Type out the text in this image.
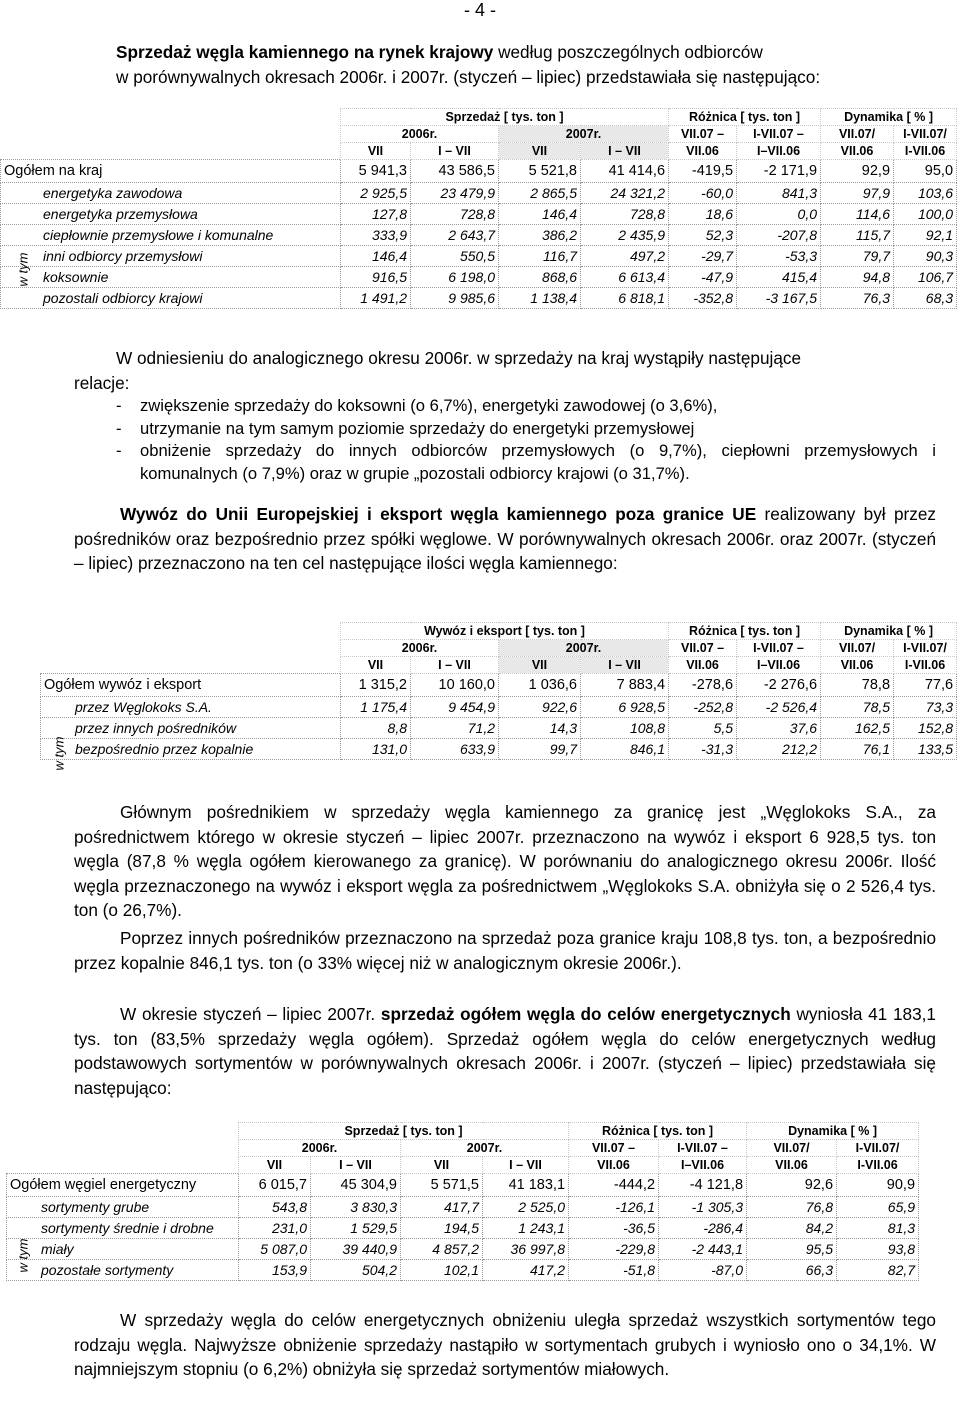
- 4 -
Sprzedaż węgla kamiennego na rynek krajowy według poszczególnych odbiorców
w porównywalnych okresach 2006r. i 2007r. (styczeń – lipiec) przedstawiała się następująco:
	Sprzedaż [ tys. ton ]				Różnica [ tys. ton ]		Dynamika [ % ]	
	2006r.		2007r.		VII.07 –	I-VII.07 –	VII.07/	I-VII.07/
	VII	I – VII	VII	I – VII	VII.06	I–VII.06	VII.06	I-VII.06
Ogółem na kraj	5 941,3	43 586,5	5 521,8	41 414,6	-419,5	-2 171,9	92,9	95,0
energetyka zawodowa	2 925,5	23 479,9	2 865,5	24 321,2	-60,0	841,3	97,9	103,6
energetyka przemysłowa	127,8	728,8	146,4	728,8	18,6	0,0	114,6	100,0
ciepłownie przemysłowe i komunalne	333,9	2 643,7	386,2	2 435,9	52,3	-207,8	115,7	92,1
inni odbiorcy przemysłowi	146,4	550,5	116,7	497,2	-29,7	-53,3	79,7	90,3
koksownie	916,5	6 198,0	868,6	6 613,4	-47,9	415,4	94,8	106,7
pozostali odbiorcy krajowi	1 491,2	9 985,6	1 138,4	6 818,1	-352,8	-3 167,5	76,3	68,3
w tym
W odniesieniu do analogicznego okresu 2006r. w sprzedaży na kraj wystąpiły następujące
relacje:
-	zwiększenie sprzedaży do koksowni (o 6,7%), energetyki zawodowej (o 3,6%),
-	utrzymanie na tym samym poziomie sprzedaży do energetyki przemysłowej
-	obniżenie sprzedaży do innych odbiorców przemysłowych (o 9,7%), ciepłowni przemysłowych i komunalnych (o 7,9%) oraz w grupie „pozostali odbiorcy krajowi (o 31,7%).
Wywóz do Unii Europejskiej i eksport węgla kamiennego poza granice UE realizowany był przez pośredników oraz bezpośrednio przez spółki węglowe. W porównywalnych okresach 2006r. oraz 2007r. (styczeń – lipiec) przeznaczono na ten cel następujące ilości węgla kamiennego:
	Wywóz i eksport [ tys. ton ]				Różnica [ tys. ton ]		Dynamika [ % ]	
	2006r.		2007r.		VII.07 –	I-VII.07 –	VII.07/	I-VII.07/
	VII	I – VII	VII	I – VII	VII.06	I–VII.06	VII.06	I-VII.06
Ogółem wywóz i eksport	1 315,2	10 160,0	1 036,6	7 883,4	-278,6	-2 276,6	78,8	77,6
przez Węglokoks S.A.	1 175,4	9 454,9	922,6	6 928,5	-252,8	-2 526,4	78,5	73,3
przez innych pośredników	8,8	71,2	14,3	108,8	5,5	37,6	162,5	152,8
bezpośrednio przez kopalnie	131,0	633,9	99,7	846,1	-31,3	212,2	76,1	133,5
w tym
Głównym pośrednikiem w sprzedaży węgla kamiennego za granicę jest „Węglokoks S.A., za pośrednictwem którego w okresie styczeń – lipiec 2007r. przeznaczono na wywóz i eksport 6 928,5 tys. ton węgla (87,8 % węgla ogółem kierowanego za granicę). W porównaniu do analogicznego okresu 2006r. Ilość węgla przeznaczonego na wywóz i eksport węgla za pośrednictwem „Węglokoks S.A. obniżyła się o 2 526,4 tys. ton (o 26,7%).
Poprzez innych pośredników przeznaczono na sprzedaż poza granice kraju 108,8 tys. ton, a bezpośrednio przez kopalnie 846,1 tys. ton (o 33% więcej niż w analogicznym okresie 2006r.).
W okresie styczeń – lipiec 2007r. sprzedaż ogółem węgla do celów energetycznych wyniosła 41 183,1 tys. ton (83,5% sprzedaży węgla ogółem). Sprzedaż ogółem węgla do celów energetycznych według podstawowych sortymentów w porównywalnych okresach 2006r. i 2007r. (styczeń – lipiec) przedstawiała się następująco:
	Sprzedaż [ tys. ton ]				Różnica [ tys. ton ]		Dynamika [ % ]	
	2006r.		2007r.		VII.07 –	I-VII.07 –	VII.07/	I-VII.07/
	VII	I – VII	VII	I – VII	VII.06	I–VII.06	VII.06	I-VII.06
Ogółem węgiel energetyczny	6 015,7	45 304,9	5 571,5	41 183,1	-444,2	-4 121,8	92,6	90,9
sortymenty grube	543,8	3 830,3	417,7	2 525,0	-126,1	-1 305,3	76,8	65,9
sortymenty średnie i drobne	231,0	1 529,5	194,5	1 243,1	-36,5	-286,4	84,2	81,3
miały	5 087,0	39 440,9	4 857,2	36 997,8	-229,8	-2 443,1	95,5	93,8
pozostałe sortymenty	153,9	504,2	102,1	417,2	-51,8	-87,0	66,3	82,7
w tym
W sprzedaży węgla do celów energetycznych obniżeniu uległa sprzedaż wszystkich sortymentów tego rodzaju węgla. Najwyższe obniżenie sprzedaży nastąpiło w sortymentach grubych i wyniosło ono o 34,1%. W najmniejszym stopniu (o 6,2%) obniżyła się sprzedaż sortymentów miałowych.
